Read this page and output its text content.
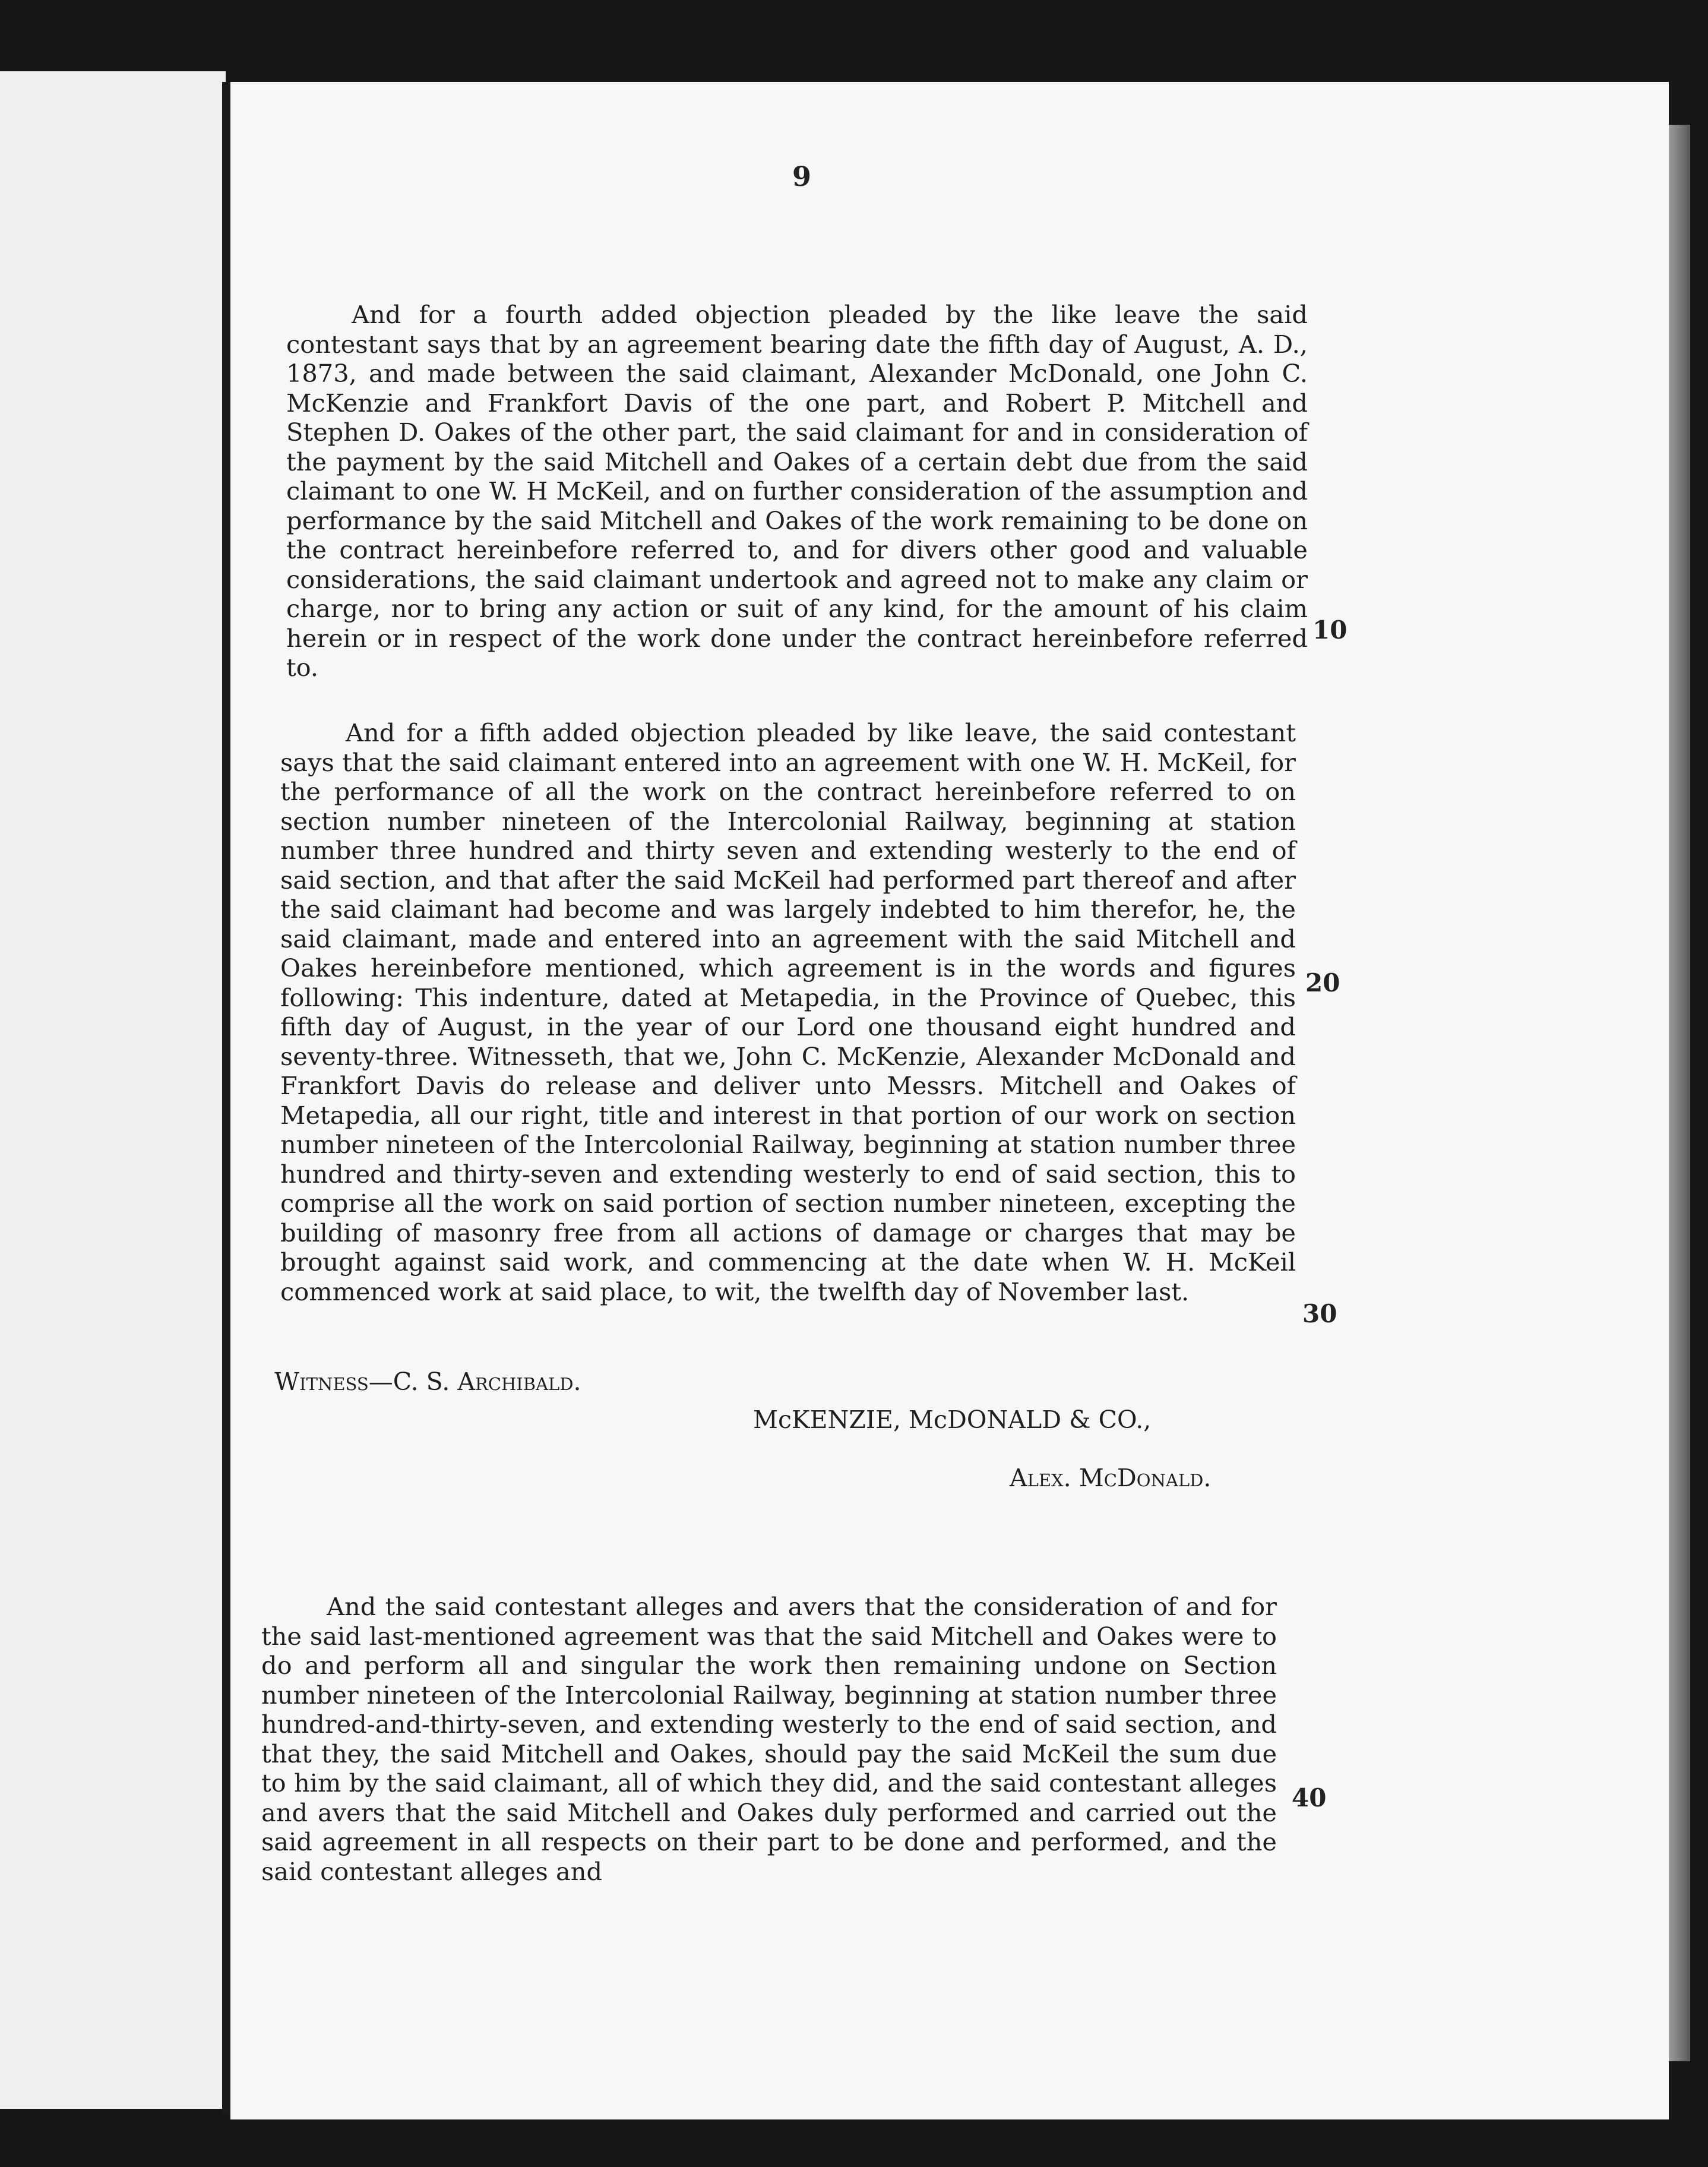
9

And for a fourth added objection pleaded by the like leave the said contestant says that by an agreement bearing date the fifth day of August, A. D., 1873, and made between the said claimant, Alexander McDonald, one John C. McKenzie and Frankfort Davis of the one part, and Robert P. Mitchell and Stephen D. Oakes of the other part, the said claimant for and in consideration of the payment by the said Mitchell and Oakes of a certain debt due from the said claimant to one W. H McKeil, and on further consideration of the assumption and performance by the said Mitchell and Oakes of the work remaining to be done on the contract hereinbefore referred to, and for divers other good and valuable considerations, the said claimant undertook and agreed not to make any claim or charge, nor to bring any action or suit of any kind, for the amount of his claim herein or in respect of the work done under the contract hereinbefore referred to.

10

And for a fifth added objection pleaded by like leave, the said contestant says that the said claimant entered into an agreement with one W. H. McKeil, for the performance of all the work on the contract hereinbefore referred to on section number nineteen of the Intercolonial Railway, beginning at station number three hundred and thirty seven and extending westerly to the end of said section, and that after the said McKeil had performed part thereof and after the said claimant had become and was largely indebted to him therefor, he, the said claimant, made and entered into an agreement with the said Mitchell and Oakes hereinbefore mentioned, which agreement is in the words and figures following: This indenture, dated at Metapedia, in the Province of Quebec, this fifth day of August, in the year of our Lord one thousand eight hundred and seventy-three. Witnesseth, that we, John C. McKenzie, Alexander McDonald and Frankfort Davis do release and deliver unto Messrs. Mitchell and Oakes of Metapedia, all our right, title and interest in that portion of our work on section number nineteen of the Intercolonial Railway, beginning at station number three hundred and thirty-seven and extending westerly to end of said section, this to comprise all the work on said portion of section number nineteen, excepting the building of masonry free from all actions of damage or charges that may be brought against said work, and commencing at the date when W. H. McKeil commenced work at said place, to wit, the twelfth day of November last.

20
30

Witness—C. S. Archibald.

McKENZIE, McDONALD & CO.,

Alex. McDonald.

And the said contestant alleges and avers that the consideration of and for the said last-mentioned agreement was that the said Mitchell and Oakes were to do and perform all and singular the work then remaining undone on Section number nineteen of the Intercolonial Railway, beginning at station number three hundred-and-thirty-seven, and extending westerly to the end of said section, and that they, the said Mitchell and Oakes, should pay the said McKeil the sum due to him by the said claimant, all of which they did, and the said contestant alleges and avers that the said Mitchell and Oakes duly performed and carried out the said agreement in all respects on their part to be done and performed, and the said contestant alleges and

40
